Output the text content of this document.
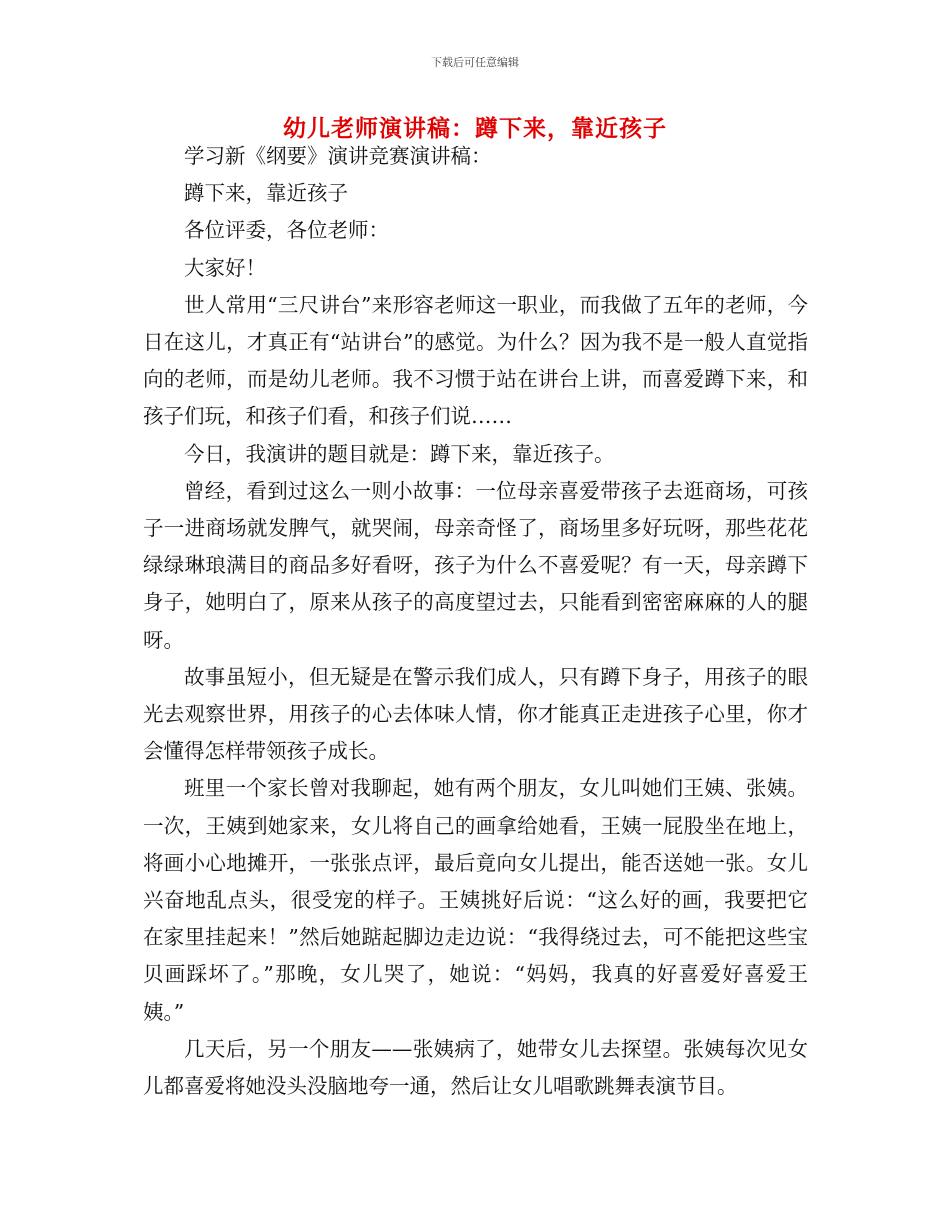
下载后可任意编辑
幼儿老师演讲稿：蹲下来，靠近孩子

学习新《纲要》演讲竞赛演讲稿：

蹲下来，靠近孩子

各位评委，各位老师：

大家好！

世人常用“三尺讲台”来形容老师这一职业，而我做了五年的老师，今日在这儿，才真正有“站讲台”的感觉。为什么？因为我不是一般人直觉指向的老师，而是幼儿老师。我不习惯于站在讲台上讲，而喜爱蹲下来，和孩子们玩，和孩子们看，和孩子们说……

今日，我演讲的题目就是：蹲下来，靠近孩子。

曾经，看到过这么一则小故事：一位母亲喜爱带孩子去逛商场，可孩子一进商场就发脾气，就哭闹，母亲奇怪了，商场里多好玩呀，那些花花绿绿琳琅满目的商品多好看呀，孩子为什么不喜爱呢？有一天，母亲蹲下身子，她明白了，原来从孩子的高度望过去，只能看到密密麻麻的人的腿呀。

故事虽短小，但无疑是在警示我们成人，只有蹲下身子，用孩子的眼光去观察世界，用孩子的心去体味人情，你才能真正走进孩子心里，你才会懂得怎样带领孩子成长。

班里一个家长曾对我聊起，她有两个朋友，女儿叫她们王姨、张姨。一次，王姨到她家来，女儿将自己的画拿给她看，王姨一屁股坐在地上，将画小心地摊开，一张张点评，最后竟向女儿提出，能否送她一张。女儿兴奋地乱点头，很受宠的样子。王姨挑好后说：“这么好的画，我要把它在家里挂起来！”然后她踮起脚边走边说：“我得绕过去，可不能把这些宝贝画踩坏了。”那晚，女儿哭了，她说：“妈妈，我真的好喜爱好喜爱王姨。”

几天后，另一个朋友——张姨病了，她带女儿去探望。张姨每次见女儿都喜爱将她没头没脑地夸一通，然后让女儿唱歌跳舞表演节目。
